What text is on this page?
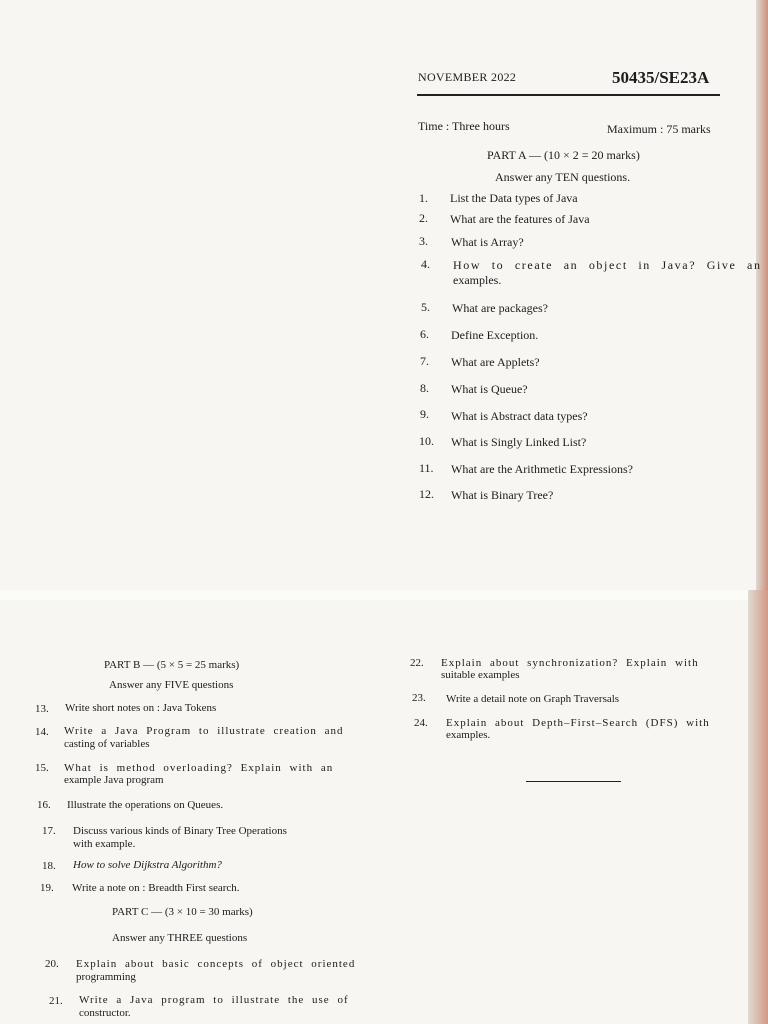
NOVEMBER 2022	50435/SE23A
Time : Three hours	Maximum : 75 marks
PART A — (10 × 2 = 20 marks)
Answer any TEN questions.
1. List the Data types of Java
2. What are the features of Java
3. What is Array?
4. How to create an object in Java? Give an
examples.
5. What are packages?
6. Define Exception.
7. What are Applets?
8. What is Queue?
9. What is Abstract data types?
10. What is Singly Linked List?
11. What are the Arithmetic Expressions?
12. What is Binary Tree?
PART B — (5 × 5 = 25 marks)
Answer any FIVE questions
13. Write short notes on : Java Tokens
14. Write a Java Program to illustrate creation and
casting of variables
15. What is method overloading? Explain with an
example Java program
16. Illustrate the operations on Queues.
17. Discuss various kinds of Binary Tree Operations
with example.
18. How to solve Dijkstra Algorithm?
19. Write a note on : Breadth First search.
PART C — (3 × 10 = 30 marks)
Answer any THREE questions
20. Explain about basic concepts of object oriented
programming
21. Write a Java program to illustrate the use of
constructor.
22. Explain about synchronization? Explain with
suitable examples
23. Write a detail note on Graph Traversals
24. Explain about Depth–First–Search (DFS) with
examples.
